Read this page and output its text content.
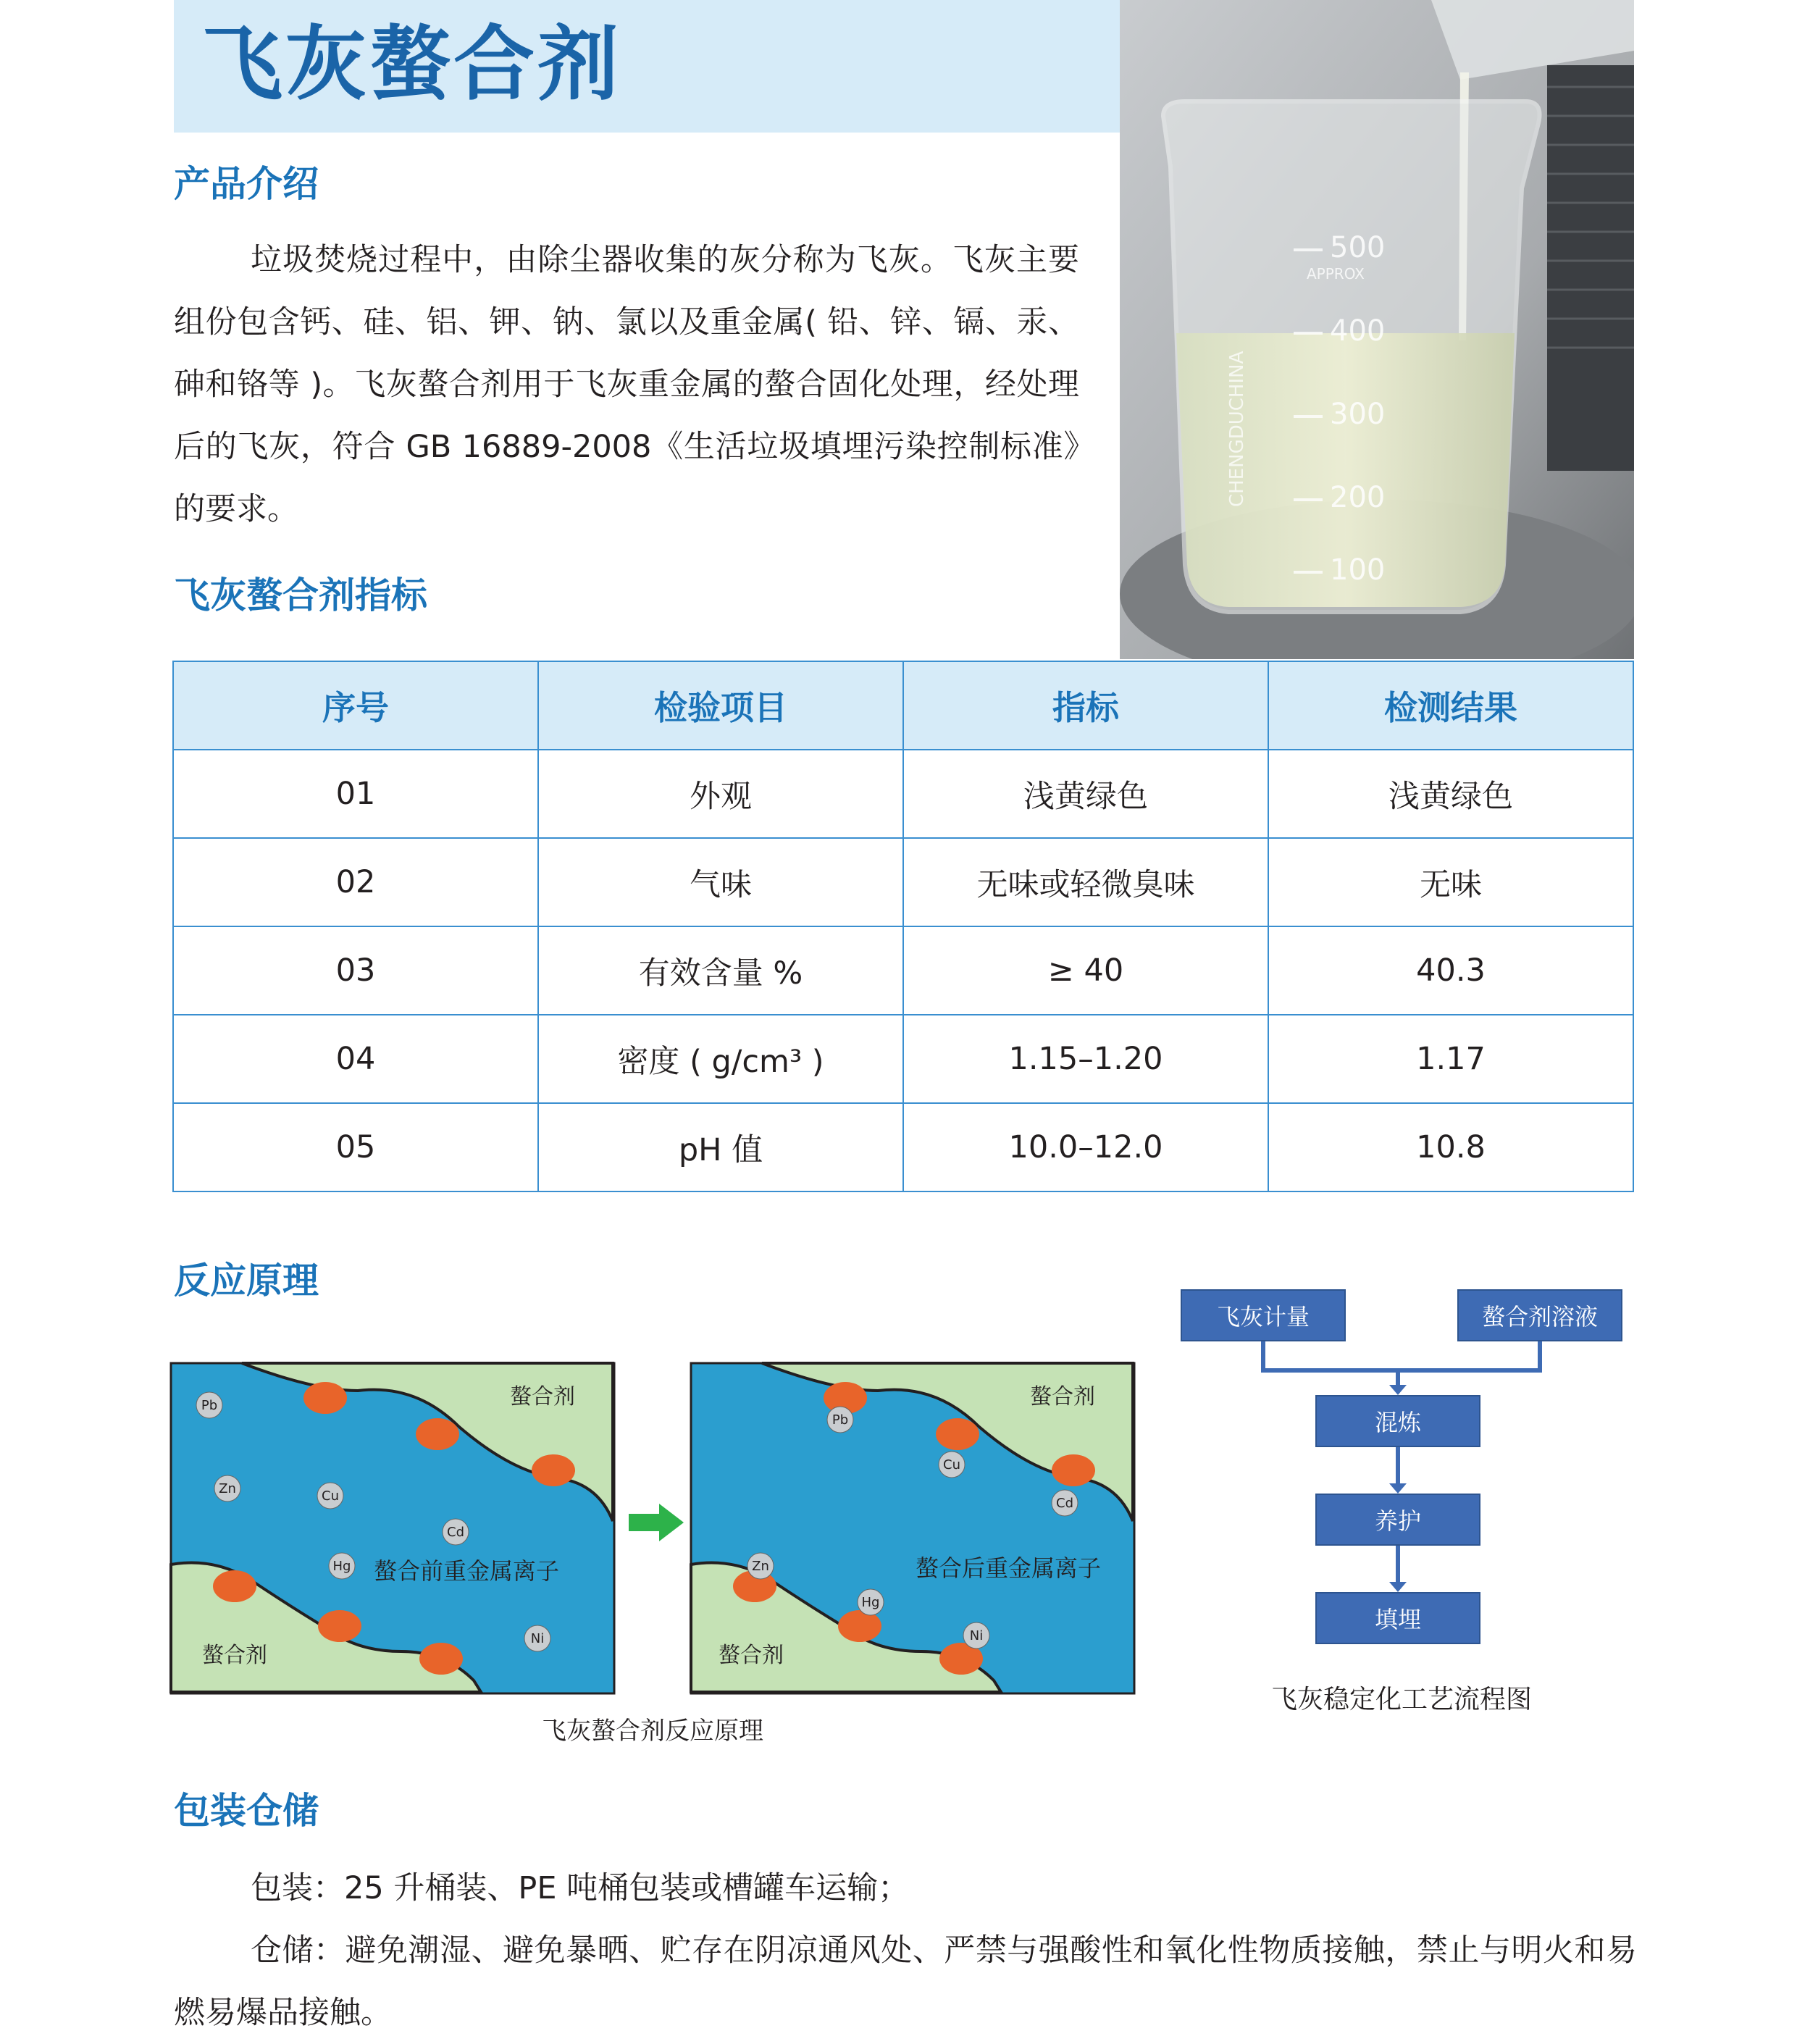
飞灰螯合剂
500
400
300
200
100
APPROX
CHENGDUCHINA
产品介绍

垃圾焚烧过程中，由除尘器收集的灰分称为飞灰。飞灰主要组份包含钙、硅、铝、钾、钠、氯以及重金属( 铅、锌、镉、汞、砷和铬等 )。飞灰螯合剂用于飞灰重金属的螯合固化处理，经处理后的飞灰，符合 GB 16889-2008《生活垃圾填埋污染控制标准》的要求。

飞灰螯合剂指标
序号	检验项目	指标	检测结果
01	外观	浅黄绿色	浅黄绿色
02	气味	无味或轻微臭味	无味
03	有效含量 %	≥ 40	40.3
04	密度 ( g/cm³ )	1.15–1.20	1.17
05	pH 值	10.0–12.0	10.8
反应原理
Pb
Zn	Cu
Cd
Hg
Ni
螯合剂
螯合前重金属离子
螯合剂
Pb
Zn
Cu
Cd
Hg
Ni
螯合剂
螯合后重金属离子
螯合剂
飞灰螯合剂反应原理
飞灰计量	螯合剂溶液
混炼
养护
填埋
飞灰稳定化工艺流程图
包装仓储

包装：25 升桶装、PE 吨桶包装或槽罐车运输；

仓储：避免潮湿、避免暴晒、贮存在阴凉通风处、严禁与强酸性和氧化性物质接触，禁止与明火和易燃易爆品接触。
